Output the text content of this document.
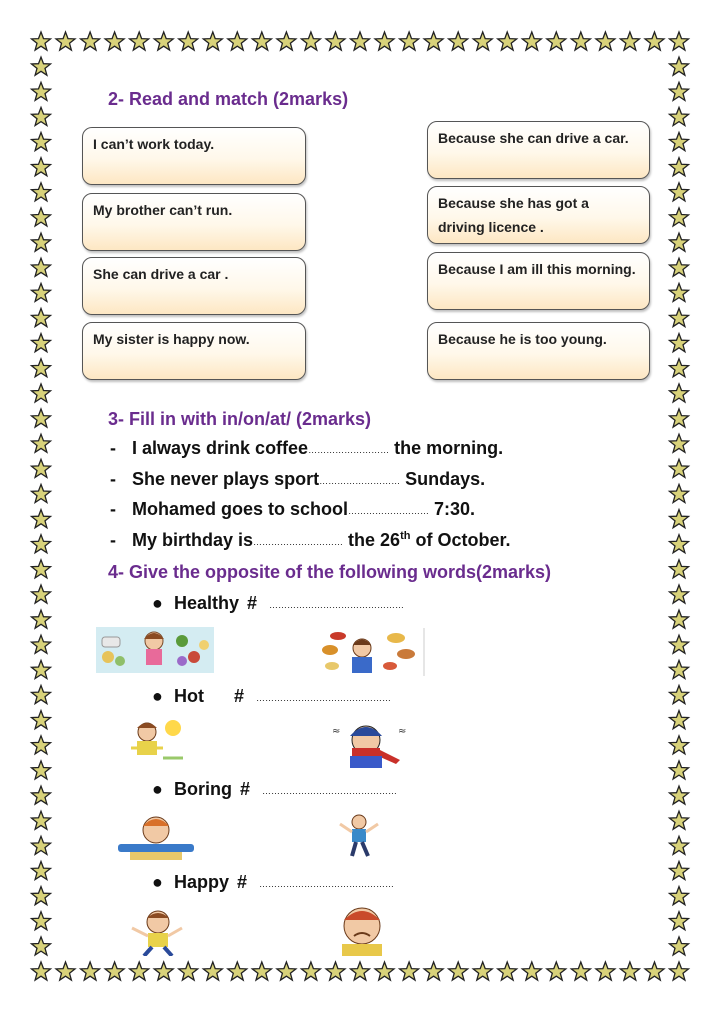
2- Read and match (2marks)
I can’t work today.
My brother can’t run.
She can drive a car .
My sister is happy now.
Because she can drive a car.
Because she has got a driving licence .
Because I am ill this morning.
Because he is too young.
3- Fill in with in/on/at/ (2marks)
- I always drink coffee……………………… the morning.
- She never plays sport……………………… Sundays.
- Mohamed goes to school……………………… 7:30.
- My birthday is………………………… the 26th of October.
4- Give the opposite of the following words(2marks)
● Healthy # ………………………………………
● Hot # ………………………………………
≈	≈
● Boring # ………………………………………
● Happy # ………………………………………
